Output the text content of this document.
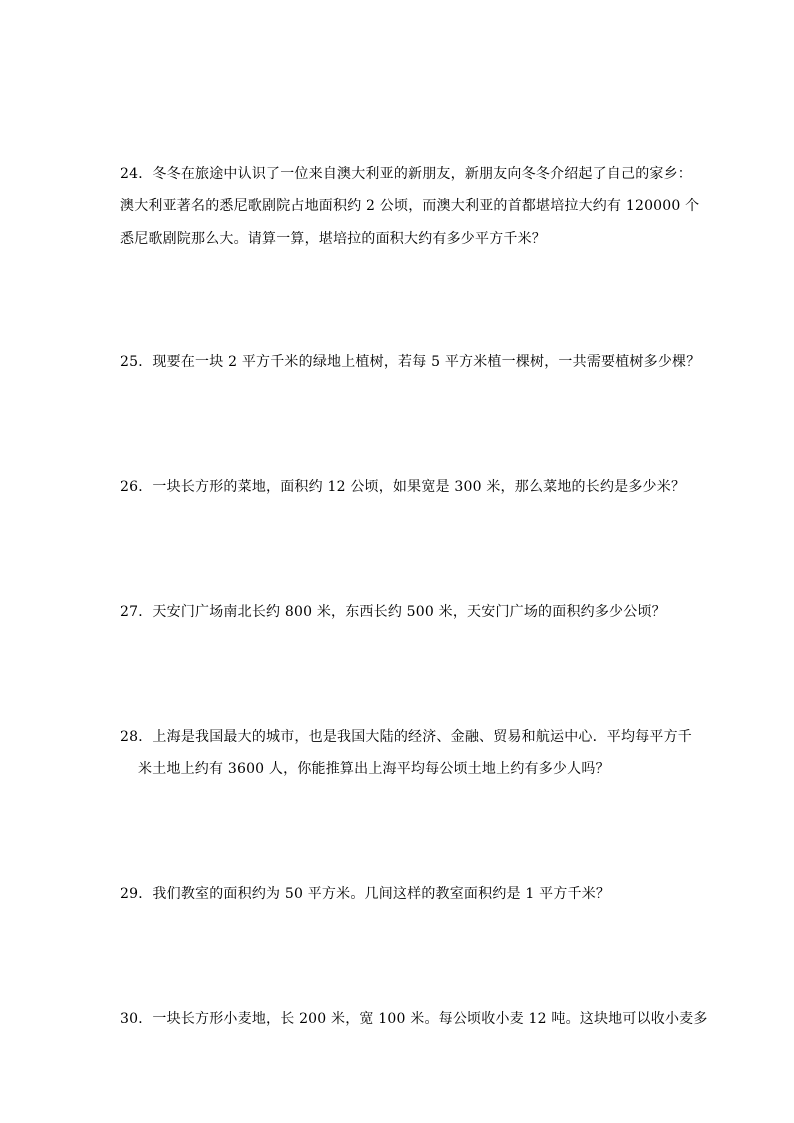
24．冬冬在旅途中认识了一位来自澳大利亚的新朋友，新朋友向冬冬介绍起了自己的家乡：
澳大利亚著名的悉尼歌剧院占地面积约 2 公顷，而澳大利亚的首都堪培拉大约有 120000 个
悉尼歌剧院那么大。请算一算，堪培拉的面积大约有多少平方千米？
25．现要在一块 2 平方千米的绿地上植树，若每 5 平方米植一棵树，一共需要植树多少棵？
26．一块长方形的菜地，面积约 12 公顷，如果宽是 300 米，那么菜地的长约是多少米？
27．天安门广场南北长约 800 米，东西长约 500 米，天安门广场的面积约多少公顷？
28．上海是我国最大的城市，也是我国大陆的经济、金融、贸易和航运中心．平均每平方千
米土地上约有 3600 人，你能推算出上海平均每公顷土地上约有多少人吗？
29．我们教室的面积约为 50 平方米。几间这样的教室面积约是 1 平方千米？
30．一块长方形小麦地，长 200 米，宽 100 米。每公顷收小麦 12 吨。这块地可以收小麦多
